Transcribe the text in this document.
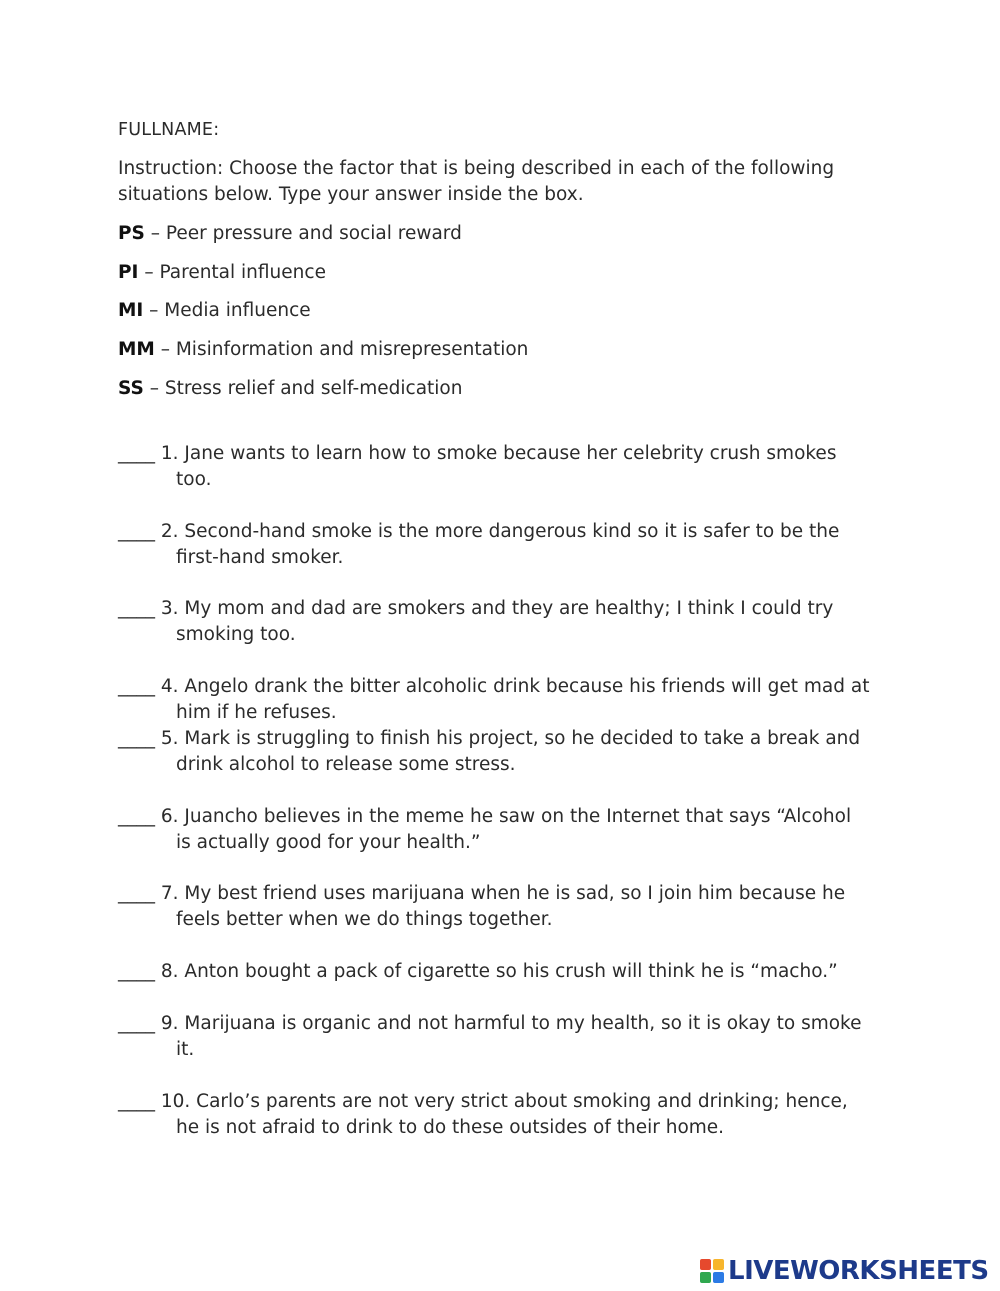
FULLNAME:
Instruction: Choose the factor that is being described in each of the following
situations below. Type your answer inside the box.
PS – Peer pressure and social reward
PI – Parental influence
MI – Media influence
MM – Misinformation and misrepresentation
SS – Stress relief and self-medication
____ 1. Jane wants to learn how to smoke because her celebrity crush smokes
too.
____ 2. Second-hand smoke is the more dangerous kind so it is safer to be the
first-hand smoker.
____ 3. My mom and dad are smokers and they are healthy; I think I could try
smoking too.
____ 4. Angelo drank the bitter alcoholic drink because his friends will get mad at
him if he refuses.
____ 5. Mark is struggling to finish his project, so he decided to take a break and
drink alcohol to release some stress.
____ 6. Juancho believes in the meme he saw on the Internet that says “Alcohol
is actually good for your health.”
____ 7. My best friend uses marijuana when he is sad, so I join him because he
feels better when we do things together.
____ 8. Anton bought a pack of cigarette so his crush will think he is “macho.”
____ 9. Marijuana is organic and not harmful to my health, so it is okay to smoke
it.
____ 10. Carlo’s parents are not very strict about smoking and drinking; hence,
he is not afraid to drink to do these outsides of their home.
LIVEWORKSHEETS
